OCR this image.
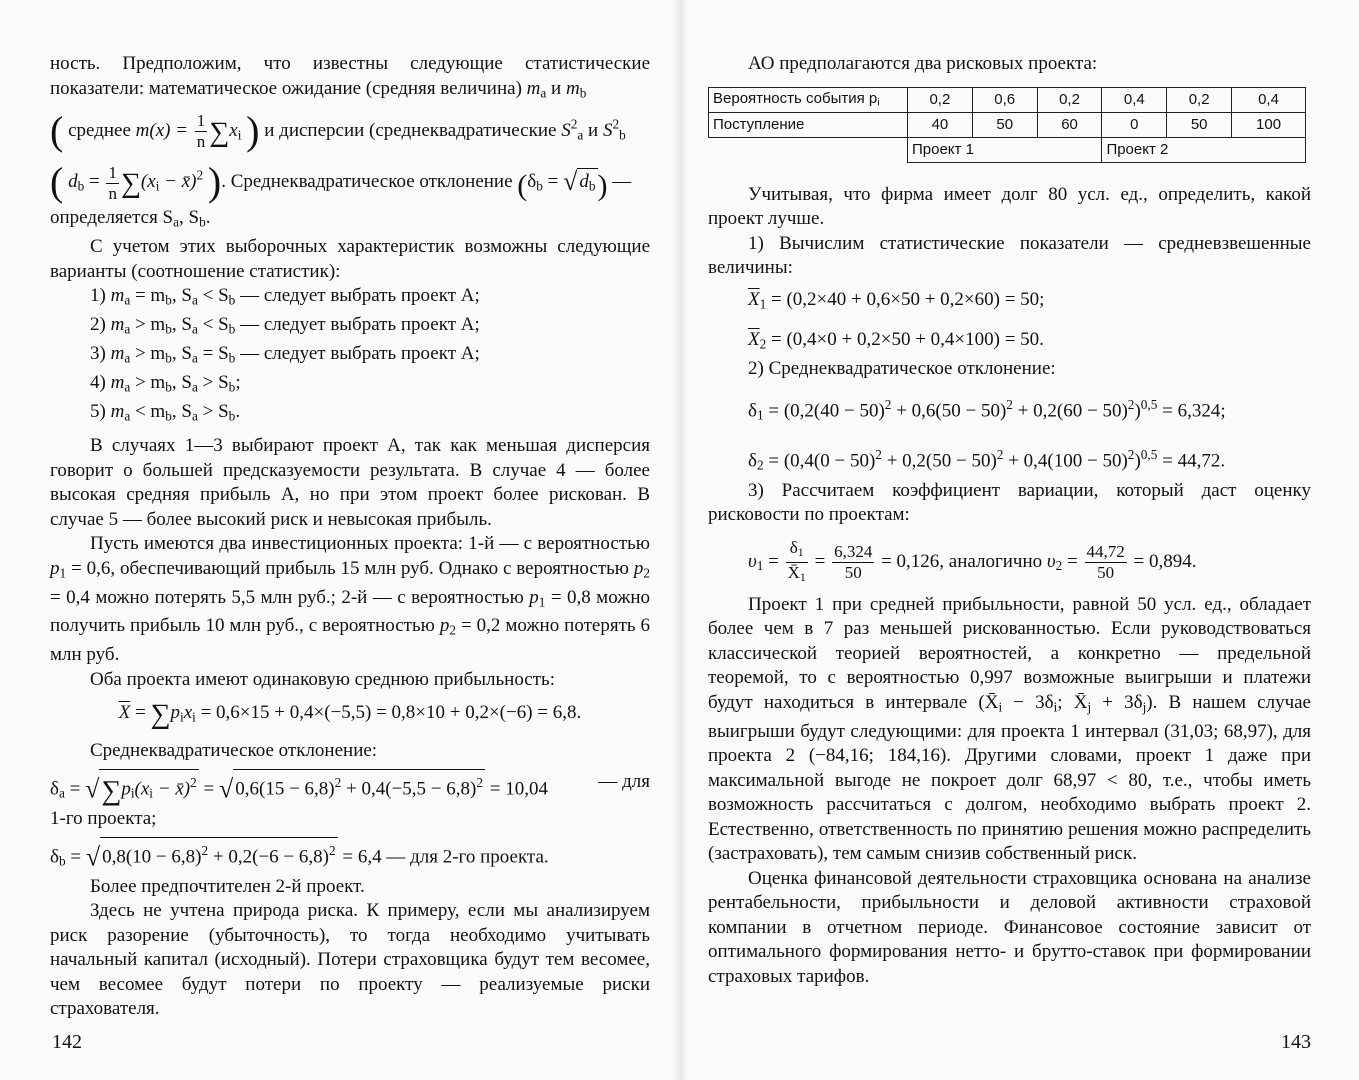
ность. Предположим, что известны следующие статистические показатели: математическое ожидание (средняя величина) $m_a$ и $m_b$

( среднее $m(x) = \frac{1}{n} \sum x_i$ ) и дисперсии (среднеквадратические $S^2_a$ и $S^2_b$

( $d_b = \frac{1}{n} \sum(x_i$ − x̄)$^2$ ). Среднеквадратическое отклонение ($\delta_b$ = √ $d_b$) —

определяется $S_a$, $S_b$.

С учетом этих выборочных характеристик возможны следующие варианты (соотношение статистик):

1) $m_a = m_b$, $S_a < S_b$ — следует выбрать проект А;

2) $m_a > m_b$, $S_a < S_b$ — следует выбрать проект А;

3) $m_a > m_b$, $S_a = S_b$ — следует выбрать проект А;

4) $m_a > m_b$, $S_a > S_b$;

5) $m_a < m_b$, $S_a > S_b$.

В случаях 1—3 выбирают проект А, так как меньшая дисперсия говорит о большей предсказуемости результата. В случае 4 — более высокая средняя прибыль А, но при этом проект более рискован. В случае 5 — более высокий риск и невысокая прибыль.

Пусть имеются два инвестиционных проекта: 1-й — с вероятностью $p_1 = 0,6$, обеспечивающий прибыль 15 млн руб. Однако с вероятностью $p_2 = 0,4$ можно потерять 5,5 млн руб.; 2-й — с вероятностью $p_1 = 0,8$ можно получить прибыль 10 млн руб., с вероятностью $p_2 = 0,2$ можно потерять 6 млн руб.

Оба проекта имеют одинаковую среднюю прибыльность:

$\overline{X} = \sum p_ix_i = 0,6\times 15 + 0,4\times(-5,5) = 0,8\times 10 + 0,2\times(-6) = 6,8$.

Среднеквадратическое отклонение:

$\delta_a = √\sum p_i(x_i$ − x̄)$^2$ = √ $0,6(15 - 6,8)^2 + 0,4(-5,5 - 6,8)^2 = 10,04$	— для

1-го проекта;

$\delta_b$ = √ $0,8(10 - 6,8)^2 + 0,2(-6 - 6,8)^2 = 6,4$ — для 2-го проекта.

Более предпочтителен 2-й проект.

Здесь не учтена природа риска. К примеру, если мы анализируем риск разорение (убыточность), то тогда необходимо учитывать начальный капитал (исходный). Потери страховщика будут тем весомее, чем весомее будут потери по проекту — реализуемые риски страхователя.

142

АО предполагаются два рисковых проекта:

Вероятность события $p_i$	0,2	0,6	0,2	0,4	0,2	0,4
Поступление	40	50	60	0	50	100
	Проект 1			Проект 2		

Учитывая, что фирма имеет долг 80 усл. ед., определить, какой проект лучше.

1) Вычислим статистические показатели — средневзвешенные величины:

$\overline{X}_1 = (0,2\times 40 + 0,6\times 50 + 0,2\times 60) = 50$;

$\overline{X}_2 = (0,4\times 0 + 0,2\times 50 + 0,4\times 100) = 50$.

2) Среднеквадратическое отклонение:

$\delta_1 = (0,2(40 - 50)^2 + 0,6(50 - 50)^2 + 0,2(60 - 50)^2)^{0,5} = 6,324$;

$\delta_2 = (0,4(0 - 50)^2 + 0,2(50 - 50)^2 + 0,4(100 - 50)^2)^{0,5} = 44,72$.

3) Рассчитаем коэффициент вариации, который даст оценку рисковости по проектам:

$\upsilon_1 = \frac{\delta_1}{X̄_1} = \frac{6,324}{50} = 0,126$, аналогично $\upsilon_2 = \frac{44,72}{50} = 0,894$.

Проект 1 при средней прибыльности, равной 50 усл. ед., обладает более чем в 7 раз меньшей рискованностью. Если руководствоваться классической теорией вероятностей, а конкретно — предельной теоремой, то с вероятностью 0,997 возможные выигрыши и платежи будут находиться в интервале ($X̄_i - 3\delta_i$; $X̄_j + 3\delta_j$). В нашем случае выигрыши будут следующими: для проекта 1 интервал (31,03; 68,97), для проекта 2 (−84,16; 184,16). Другими словами, проект 1 даже при максимальной выгоде не покроет долг 68,97 < 80, т.е., чтобы иметь возможность рассчитаться с долгом, необходимо выбрать проект 2. Естественно, ответственность по принятию решения можно распределить (застраховать), тем самым снизив собственный риск.

Оценка финансовой деятельности страховщика основана на анализе рентабельности, прибыльности и деловой активности страховой компании в отчетном периоде. Финансовое состояние зависит от оптимального формирования нетто- и брутто-ставок при формировании страховых тарифов.

143
